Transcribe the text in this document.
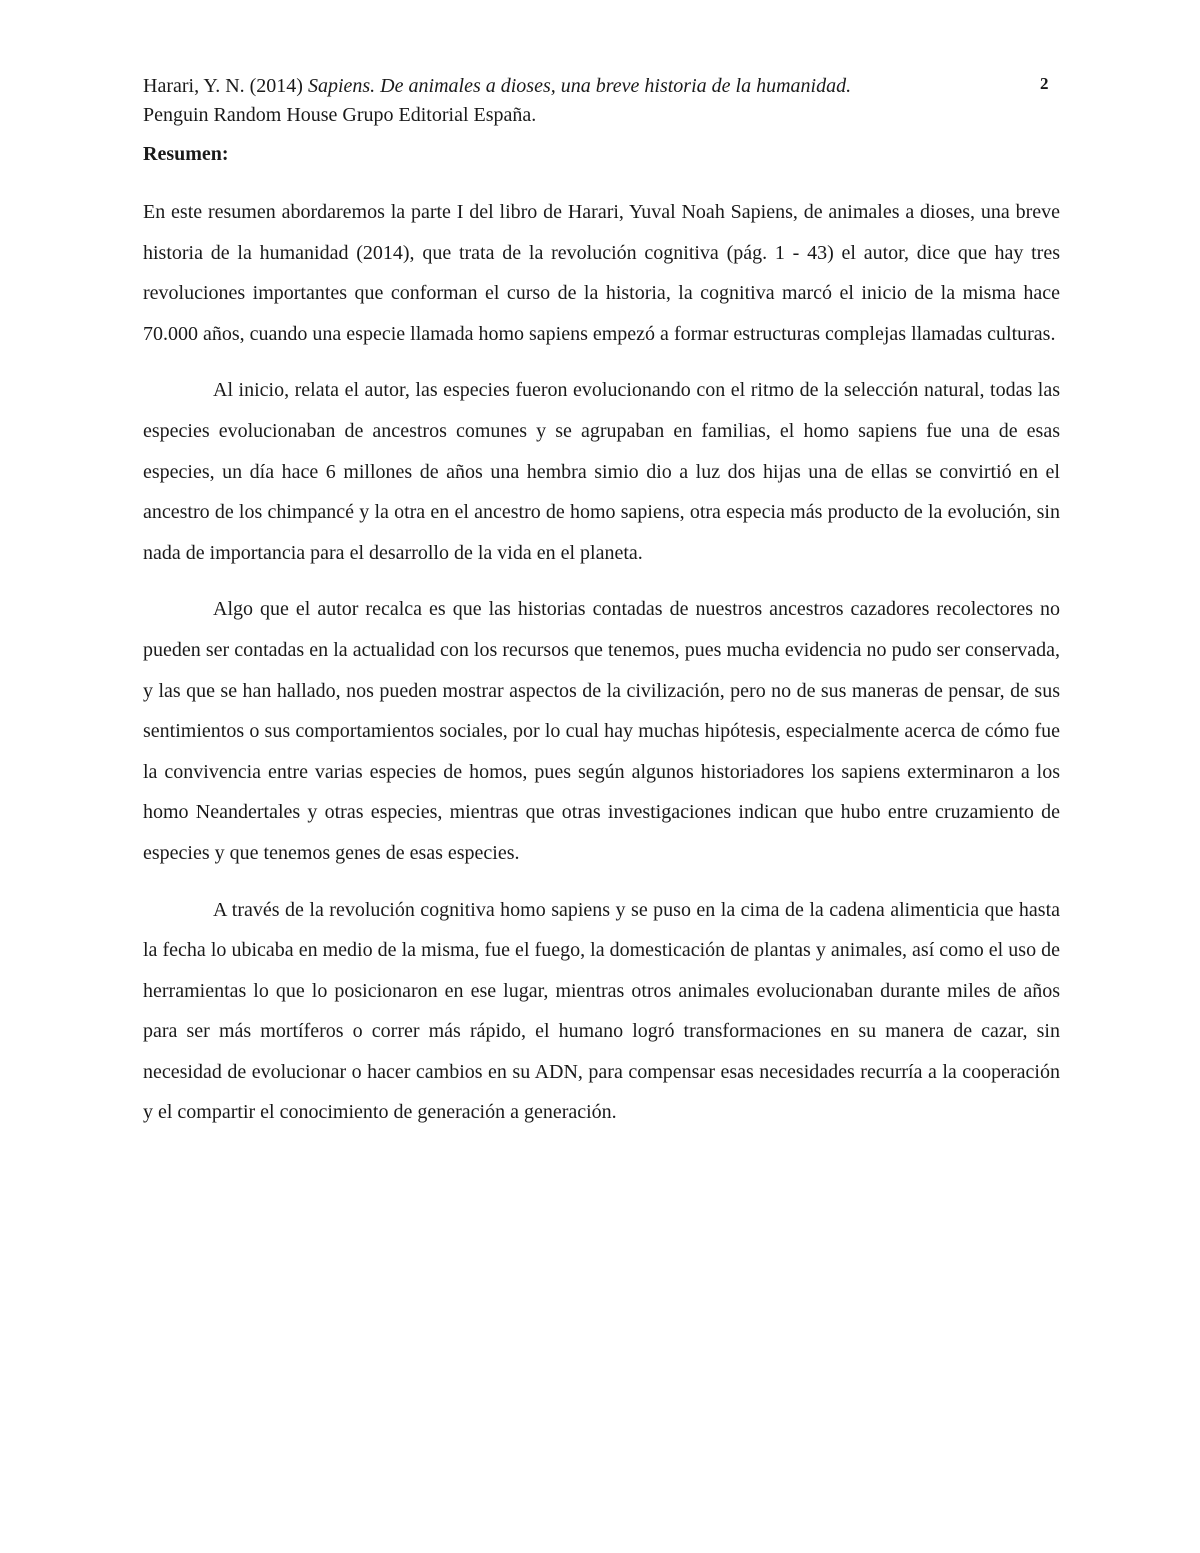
Harari, Y. N. (2014) Sapiens. De animales a dioses, una breve historia de la humanidad.
Penguin Random House Grupo Editorial España.
2
Resumen:

En este resumen abordaremos la parte I del libro de Harari, Yuval Noah Sapiens, de animales a dioses, una breve historia de la humanidad (2014), que trata de la revolución cognitiva (pág. 1 - 43) el autor, dice que hay tres revoluciones importantes que conforman el curso de la historia, la cognitiva marcó el inicio de la misma hace 70.000 años, cuando una especie llamada homo sapiens empezó a formar estructuras complejas llamadas culturas.

Al inicio, relata el autor, las especies fueron evolucionando con el ritmo de la selección natural, todas las especies evolucionaban de ancestros comunes y se agrupaban en familias, el homo sapiens fue una de esas especies, un día hace 6 millones de años una hembra simio dio a luz dos hijas una de ellas se convirtió en el ancestro de los chimpancé y la otra en el ancestro de homo sapiens, otra especia más producto de la evolución, sin nada de importancia para el desarrollo de la vida en el planeta.

Algo que el autor recalca es que las historias contadas de nuestros ancestros cazadores recolectores no pueden ser contadas en la actualidad con los recursos que tenemos, pues mucha evidencia no pudo ser conservada, y las que se han hallado, nos pueden mostrar aspectos de la civilización, pero no de sus maneras de pensar, de sus sentimientos o sus comportamientos sociales, por lo cual hay muchas hipótesis, especialmente acerca de cómo fue la convivencia entre varias especies de homos, pues según algunos historiadores los sapiens exterminaron a los homo Neandertales y otras especies, mientras que otras investigaciones indican que hubo entre cruzamiento de especies y que tenemos genes de esas especies.

A través de la revolución cognitiva homo sapiens y se puso en la cima de la cadena alimenticia que hasta la fecha lo ubicaba en medio de la misma, fue el fuego, la domesticación de plantas y animales, así como el uso de herramientas lo que lo posicionaron en ese lugar, mientras otros animales evolucionaban durante miles de años para ser más mortíferos o correr más rápido, el humano logró transformaciones en su manera de cazar, sin necesidad de evolucionar o hacer cambios en su ADN, para compensar esas necesidades recurría a la cooperación y el compartir el conocimiento de generación a generación.
